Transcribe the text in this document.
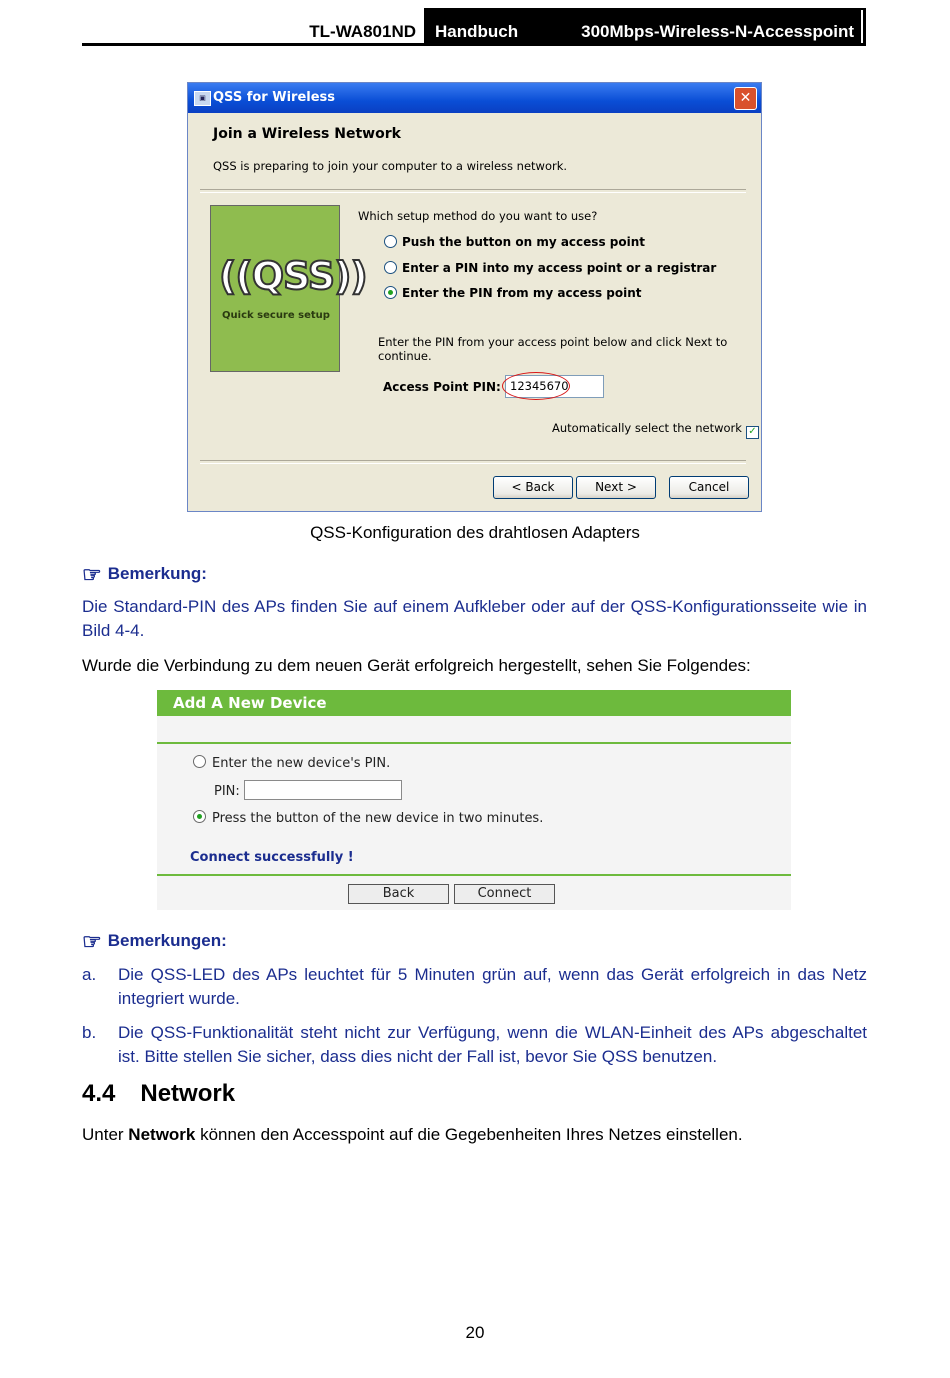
TL-WA801ND Handbuch	300Mbps-Wireless-N-Accesspoint
▣ QSS for Wireless	✕
Join a Wireless Network
QSS is preparing to join your computer to a wireless network.
((QSS))
Quick secure setup
Which setup method do you want to use?
Push the button on my access point
Enter a PIN into my access point or a registrar
Enter the PIN from my access point
Enter the PIN from your access point below and click Next to continue.
Access Point PIN: 12345670
Automatically select the network ✓
< Back	Next >	Cancel
QSS-Konfiguration des drahtlosen Adapters
☞ Bemerkung:
Die Standard-PIN des APs finden Sie auf einem Aufkleber oder auf der QSS-Konfigurationsseite wie in Bild 4-4.
Wurde die Verbindung zu dem neuen Gerät erfolgreich hergestellt, sehen Sie Folgendes:
Add A New Device
Enter the new device's PIN.
PIN:
Press the button of the new device in two minutes.
Connect successfully !
Back	Connect
☞ Bemerkungen:
a. Die QSS-LED des APs leuchtet für 5 Minuten grün auf, wenn das Gerät erfolgreich in das Netz integriert wurde.
b. Die QSS-Funktionalität steht nicht zur Verfügung, wenn die WLAN-Einheit des APs abgeschaltet ist. Bitte stellen Sie sicher, dass dies nicht der Fall ist, bevor Sie QSS benutzen.
4.4 Network
Unter Network können den Accesspoint auf die Gegebenheiten Ihres Netzes einstellen.
20
